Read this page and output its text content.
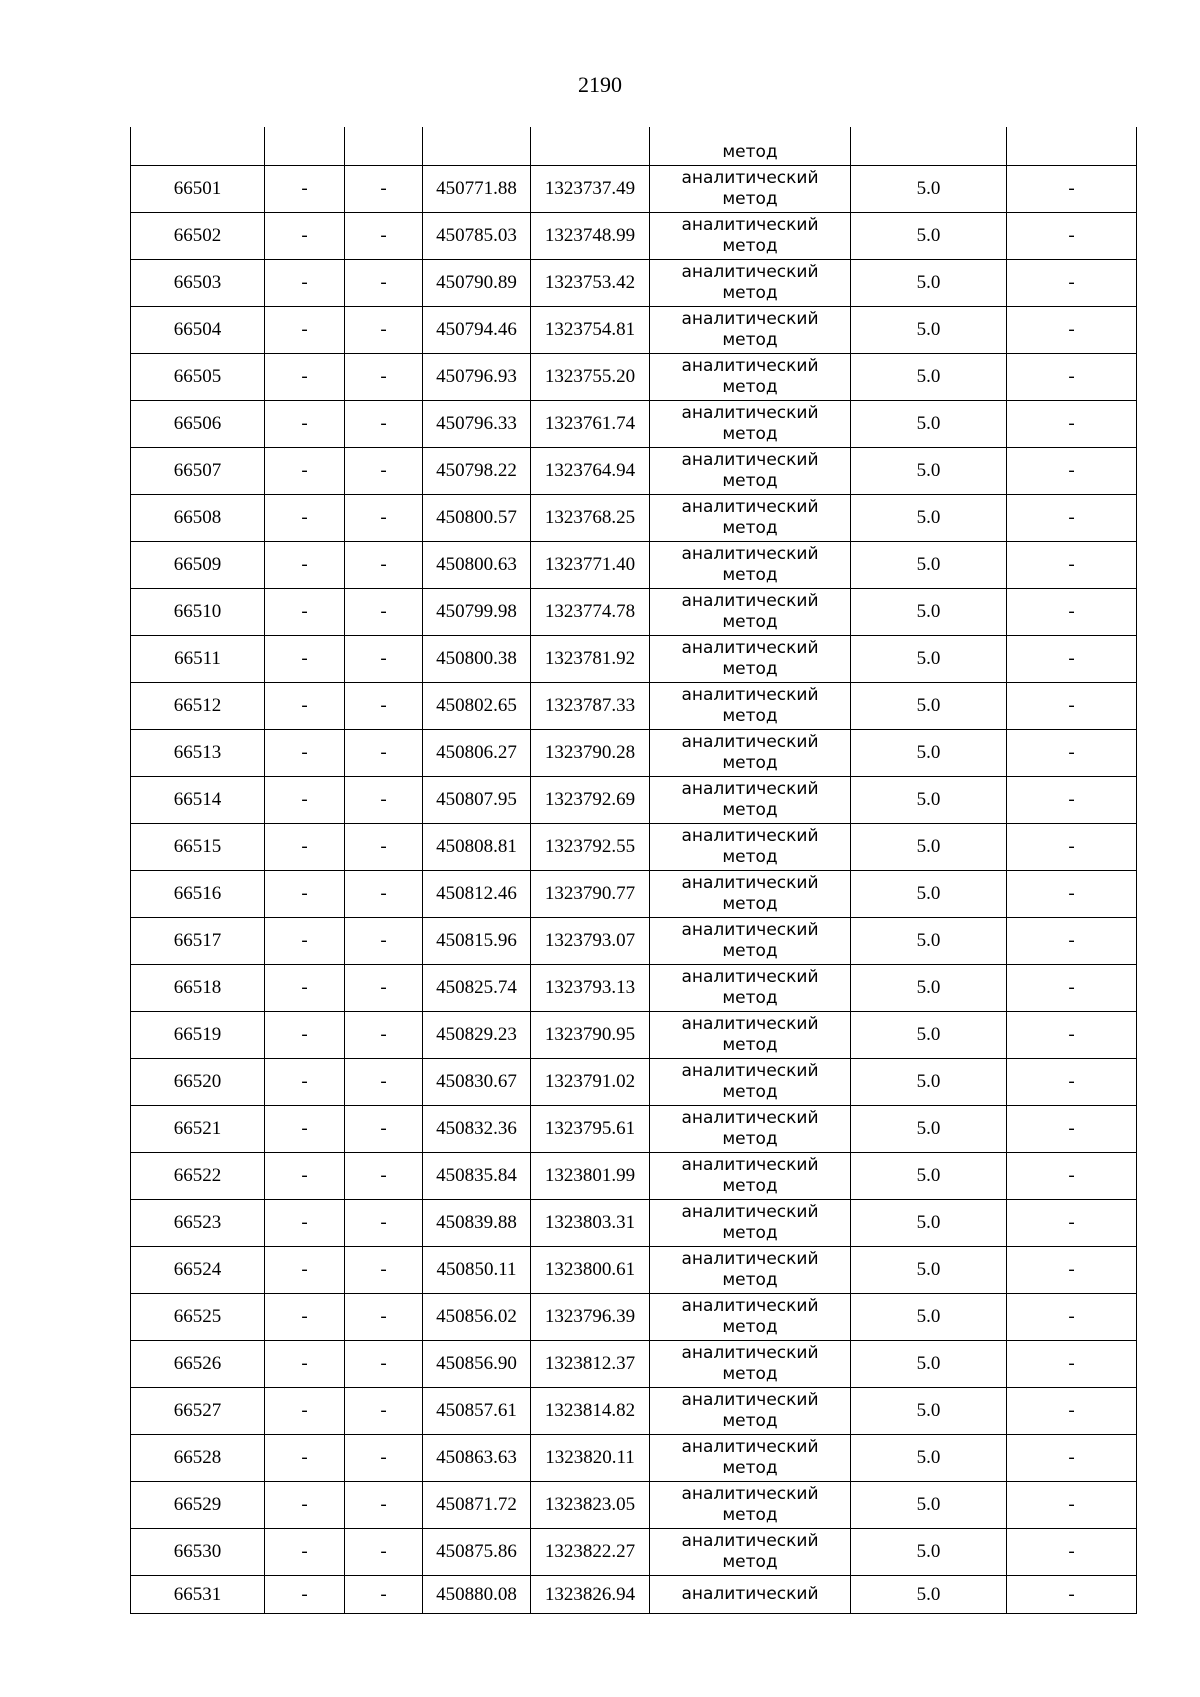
2190
					метод		
66501	-	-	450771.88	1323737.49	аналитический
метод	5.0	-
66502	-	-	450785.03	1323748.99	аналитический
метод	5.0	-
66503	-	-	450790.89	1323753.42	аналитический
метод	5.0	-
66504	-	-	450794.46	1323754.81	аналитический
метод	5.0	-
66505	-	-	450796.93	1323755.20	аналитический
метод	5.0	-
66506	-	-	450796.33	1323761.74	аналитический
метод	5.0	-
66507	-	-	450798.22	1323764.94	аналитический
метод	5.0	-
66508	-	-	450800.57	1323768.25	аналитический
метод	5.0	-
66509	-	-	450800.63	1323771.40	аналитический
метод	5.0	-
66510	-	-	450799.98	1323774.78	аналитический
метод	5.0	-
66511	-	-	450800.38	1323781.92	аналитический
метод	5.0	-
66512	-	-	450802.65	1323787.33	аналитический
метод	5.0	-
66513	-	-	450806.27	1323790.28	аналитический
метод	5.0	-
66514	-	-	450807.95	1323792.69	аналитический
метод	5.0	-
66515	-	-	450808.81	1323792.55	аналитический
метод	5.0	-
66516	-	-	450812.46	1323790.77	аналитический
метод	5.0	-
66517	-	-	450815.96	1323793.07	аналитический
метод	5.0	-
66518	-	-	450825.74	1323793.13	аналитический
метод	5.0	-
66519	-	-	450829.23	1323790.95	аналитический
метод	5.0	-
66520	-	-	450830.67	1323791.02	аналитический
метод	5.0	-
66521	-	-	450832.36	1323795.61	аналитический
метод	5.0	-
66522	-	-	450835.84	1323801.99	аналитический
метод	5.0	-
66523	-	-	450839.88	1323803.31	аналитический
метод	5.0	-
66524	-	-	450850.11	1323800.61	аналитический
метод	5.0	-
66525	-	-	450856.02	1323796.39	аналитический
метод	5.0	-
66526	-	-	450856.90	1323812.37	аналитический
метод	5.0	-
66527	-	-	450857.61	1323814.82	аналитический
метод	5.0	-
66528	-	-	450863.63	1323820.11	аналитический
метод	5.0	-
66529	-	-	450871.72	1323823.05	аналитический
метод	5.0	-
66530	-	-	450875.86	1323822.27	аналитический
метод	5.0	-
66531	-	-	450880.08	1323826.94	аналитический	5.0	-
